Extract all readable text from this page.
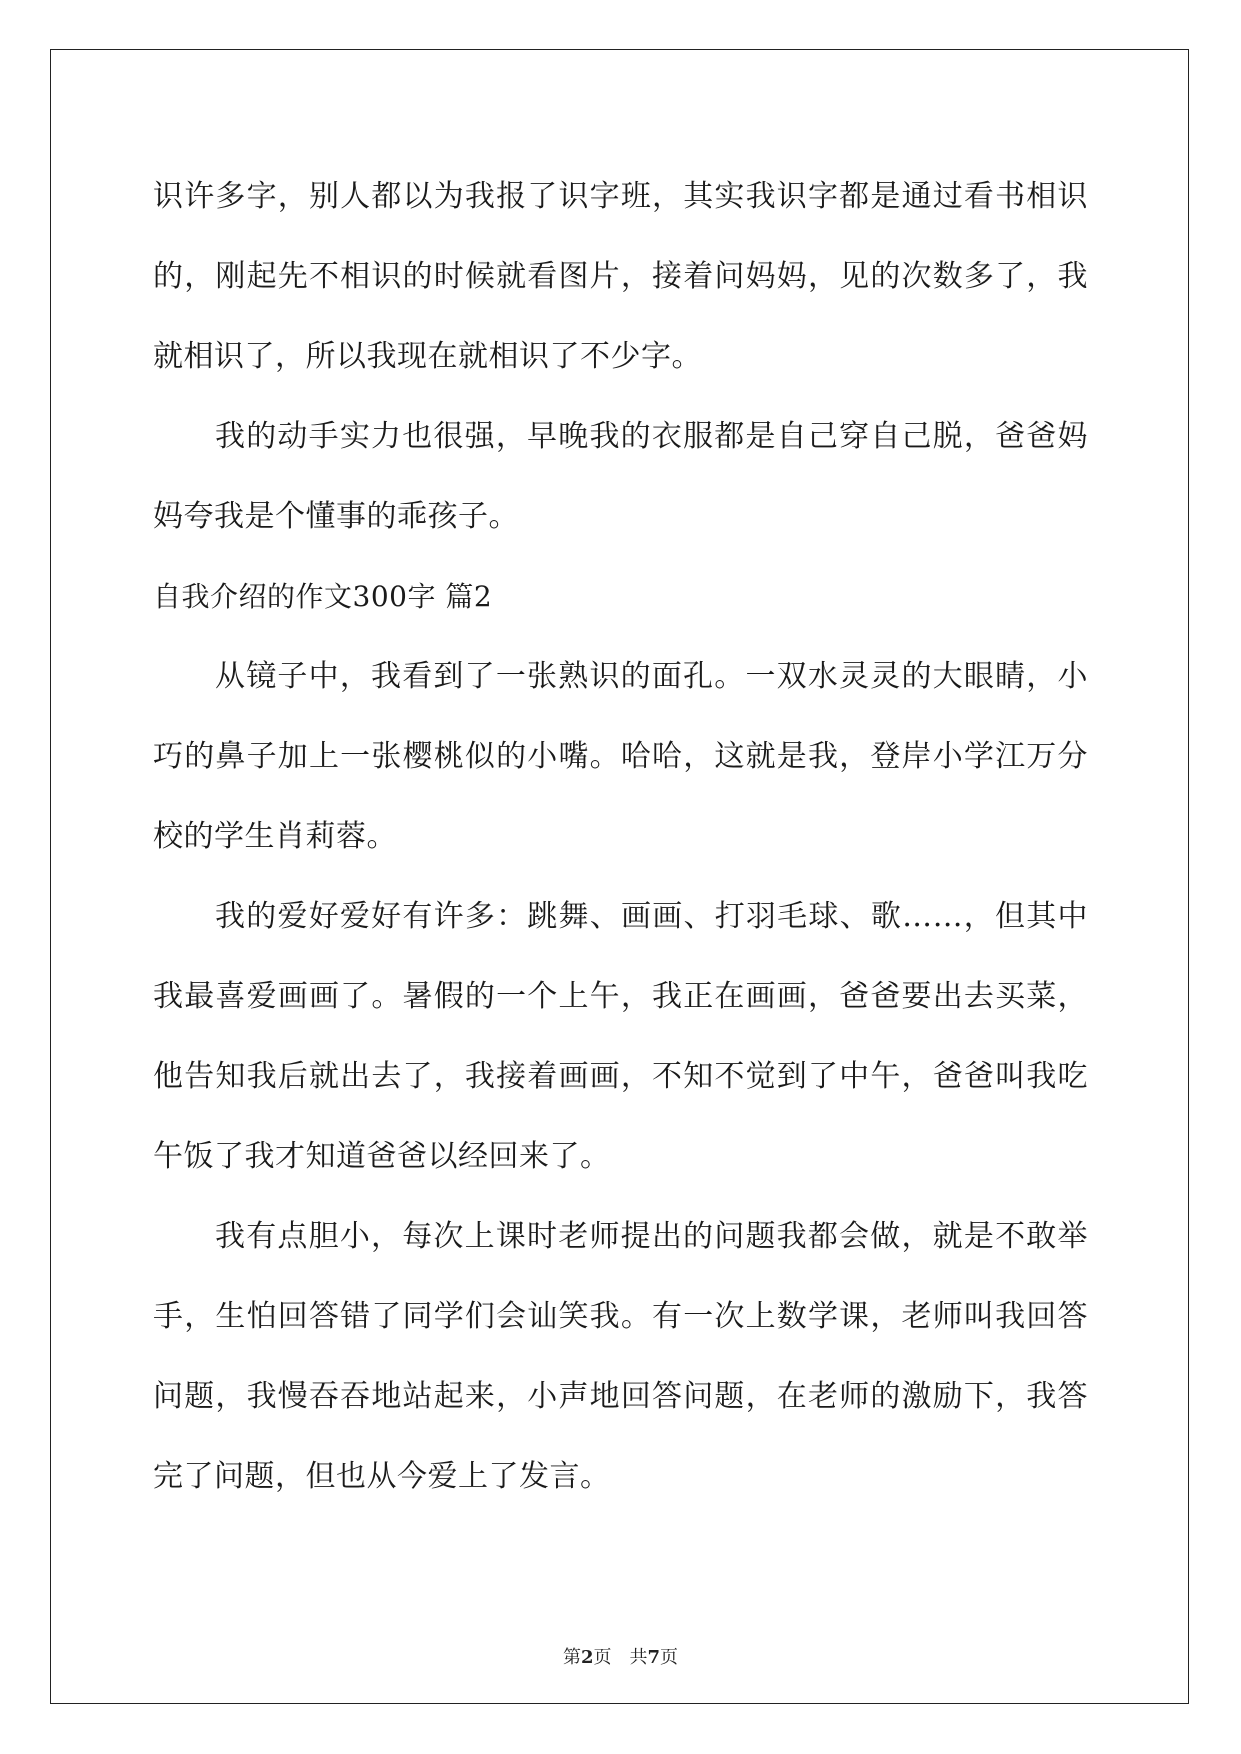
识许多字，别人都以为我报了识字班，其实我识字都是通过看书相识的，刚起先不相识的时候就看图片，接着问妈妈，见的次数多了，我就相识了，所以我现在就相识了不少字。

我的动手实力也很强，早晚我的衣服都是自己穿自己脱，爸爸妈妈夸我是个懂事的乖孩子。

自我介绍的作文300字 篇2

从镜子中，我看到了一张熟识的面孔。一双水灵灵的大眼睛，小巧的鼻子加上一张樱桃似的小嘴。哈哈，这就是我，登岸小学江万分校的学生肖莉蓉。

我的爱好爱好有许多：跳舞、画画、打羽毛球、歌……，但其中我最喜爱画画了。暑假的一个上午，我正在画画，爸爸要出去买菜，他告知我后就出去了，我接着画画，不知不觉到了中午，爸爸叫我吃午饭了我才知道爸爸以经回来了。

我有点胆小，每次上课时老师提出的问题我都会做，就是不敢举手，生怕回答错了同学们会讪笑我。有一次上数学课，老师叫我回答问题，我慢吞吞地站起来，小声地回答问题，在老师的激励下，我答完了问题，但也从今爱上了发言。

第2页 共7页
